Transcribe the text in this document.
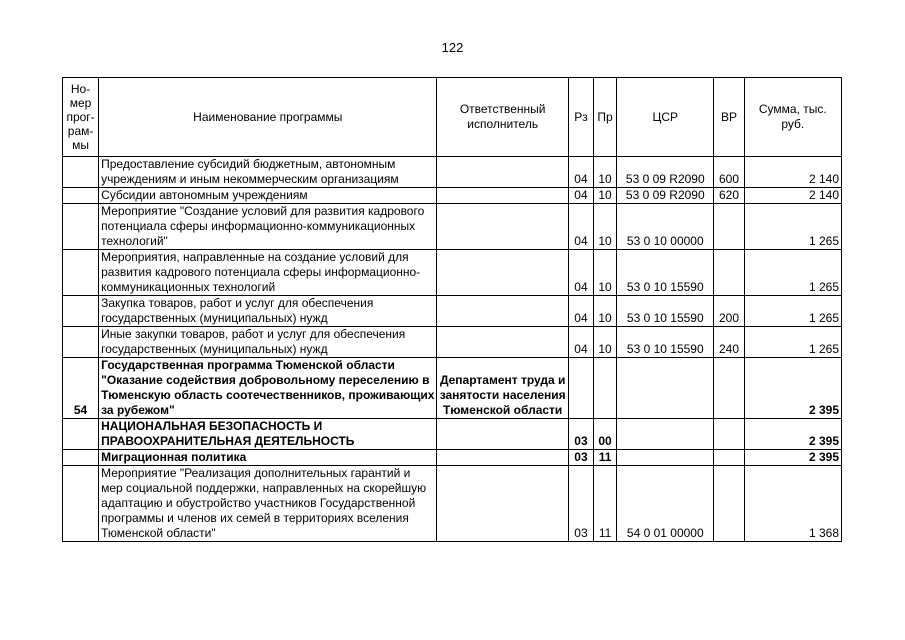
122
Но-
мер
прог-
рам-
мы	Наименование программы	Ответственный исполнитель	Рз	Пр	ЦСР	ВР	Сумма, тыс. руб.
	Предоставление субсидий бюджетным, автономным учреждениям и иным некоммерческим организациям		04	10	53 0 09 R2090	600	2 140
	Субсидии автономным учреждениям		04	10	53 0 09 R2090	620	2 140
	Мероприятие "Создание условий для развития кадрового потенциала сферы информационно-коммуникационных технологий"		04	10	53 0 10 00000		1 265
	Мероприятия, направленные на создание условий для развития кадрового потенциала сферы информационно-коммуникационных технологий		04	10	53 0 10 15590		1 265
	Закупка товаров, работ и услуг для обеспечения государственных (муниципальных) нужд		04	10	53 0 10 15590	200	1 265
	Иные закупки товаров, работ и услуг для обеспечения государственных (муниципальных) нужд		04	10	53 0 10 15590	240	1 265
54	Государственная программа Тюменской области "Оказание содействия добровольному переселению в Тюменскую область соотечественников, проживающих за рубежом"	Департамент труда и занятости населения Тюменской области					2 395
	НАЦИОНАЛЬНАЯ БЕЗОПАСНОСТЬ И ПРАВООХРАНИТЕЛЬНАЯ ДЕЯТЕЛЬНОСТЬ		03	00			2 395
	Миграционная политика		03	11			2 395
	Мероприятие "Реализация дополнительных гарантий и мер социальной поддержки, направленных на скорейшую адаптацию и обустройство участников Государственной программы и членов их семей в территориях вселения Тюменской области"		03	11	54 0 01 00000		1 368
